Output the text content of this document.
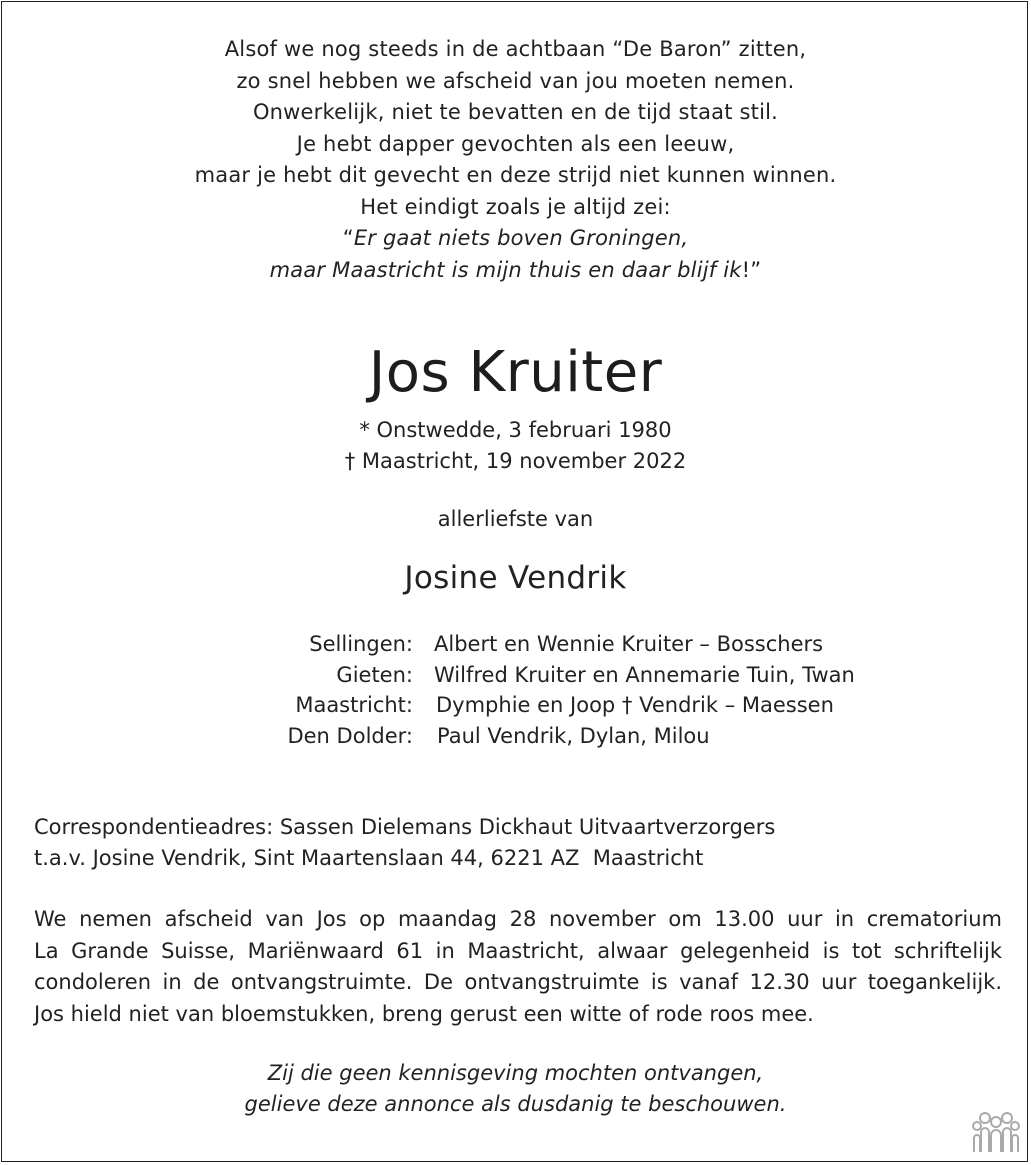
Alsof we nog steeds in de achtbaan “De Baron” zitten,
zo snel hebben we afscheid van jou moeten nemen.
Onwerkelijk, niet te bevatten en de tijd staat stil.
Je hebt dapper gevochten als een leeuw,
maar je hebt dit gevecht en deze strijd niet kunnen winnen.
Het eindigt zoals je altijd zei:
“Er gaat niets boven Groningen,
maar Maastricht is mijn thuis en daar blijf ik!”
Jos Kruiter
* Onstwedde, 3 februari 1980
† Maastricht, 19 november 2022
allerliefste van
Josine Vendrik
Sellingen: Albert en Wennie Kruiter – Bosschers
Gieten: Wilfred Kruiter en Annemarie Tuin, Twan
Maastricht: Dymphie en Joop † Vendrik – Maessen
Den Dolder: Paul Vendrik, Dylan, Milou
Correspondentieadres: Sassen Dielemans Dickhaut Uitvaartverzorgers
t.a.v. Josine Vendrik, Sint Maartenslaan 44, 6221 AZ  Maastricht
We nemen afscheid van Jos op maandag 28 november om 13.00 uur in crematorium
La Grande Suisse, Mariënwaard 61 in Maastricht, alwaar gelegenheid is tot schriftelijk
condoleren in de ontvangstruimte. De ontvangstruimte is vanaf 12.30 uur toegankelijk.
Jos hield niet van bloemstukken, breng gerust een witte of rode roos mee.
Zij die geen kennisgeving mochten ontvangen,
gelieve deze annonce als dusdanig te beschouwen.
